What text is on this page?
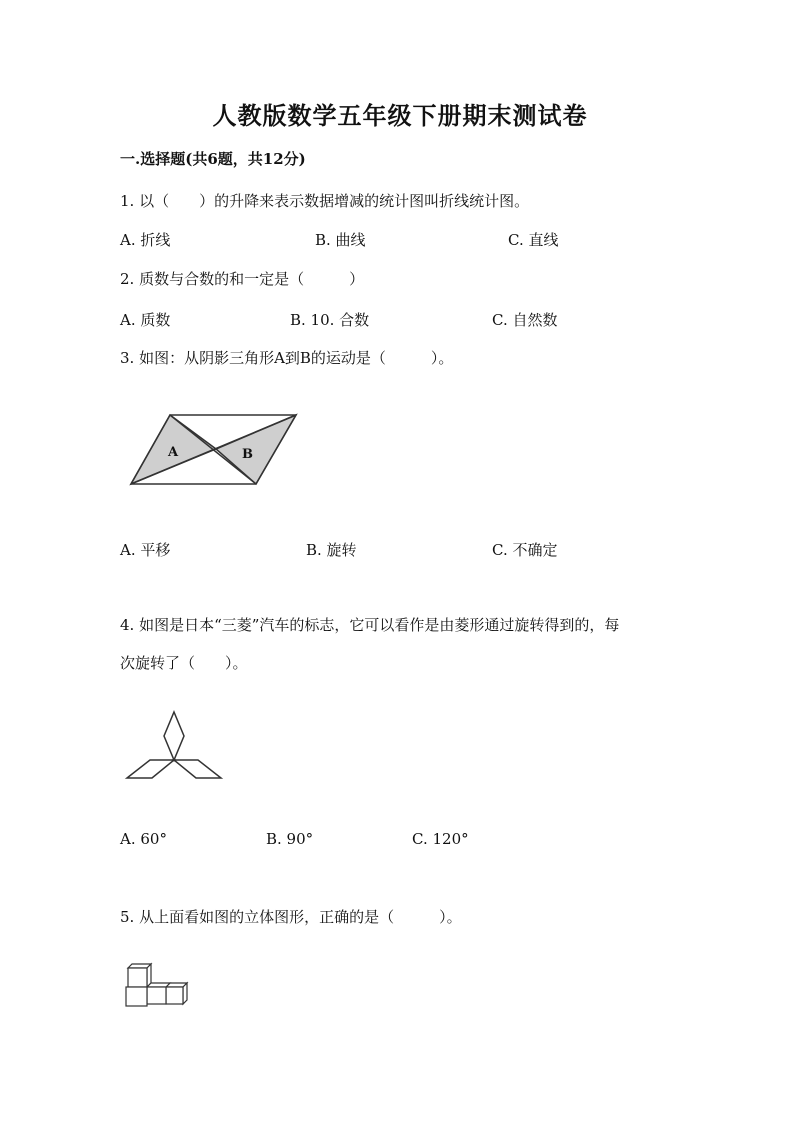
人教版数学五年级下册期末测试卷
一.选择题(共6题，共12分)
1. 以（　　）的升降来表示数据增减的统计图叫折线统计图。
A. 折线	B. 曲线	C. 直线
2. 质数与合数的和一定是（　　　）
A. 质数	B. 10. 合数	C. 自然数
3. 如图：从阴影三角形A到B的运动是（　　　）。
A	B
A. 平移	B. 旋转	C. 不确定
4. 如图是日本“三菱”汽车的标志，它可以看作是由菱形通过旋转得到的，每
次旋转了（　　）。
A. 60°	B. 90°	C. 120°
5. 从上面看如图的立体图形，正确的是（　　　）。
